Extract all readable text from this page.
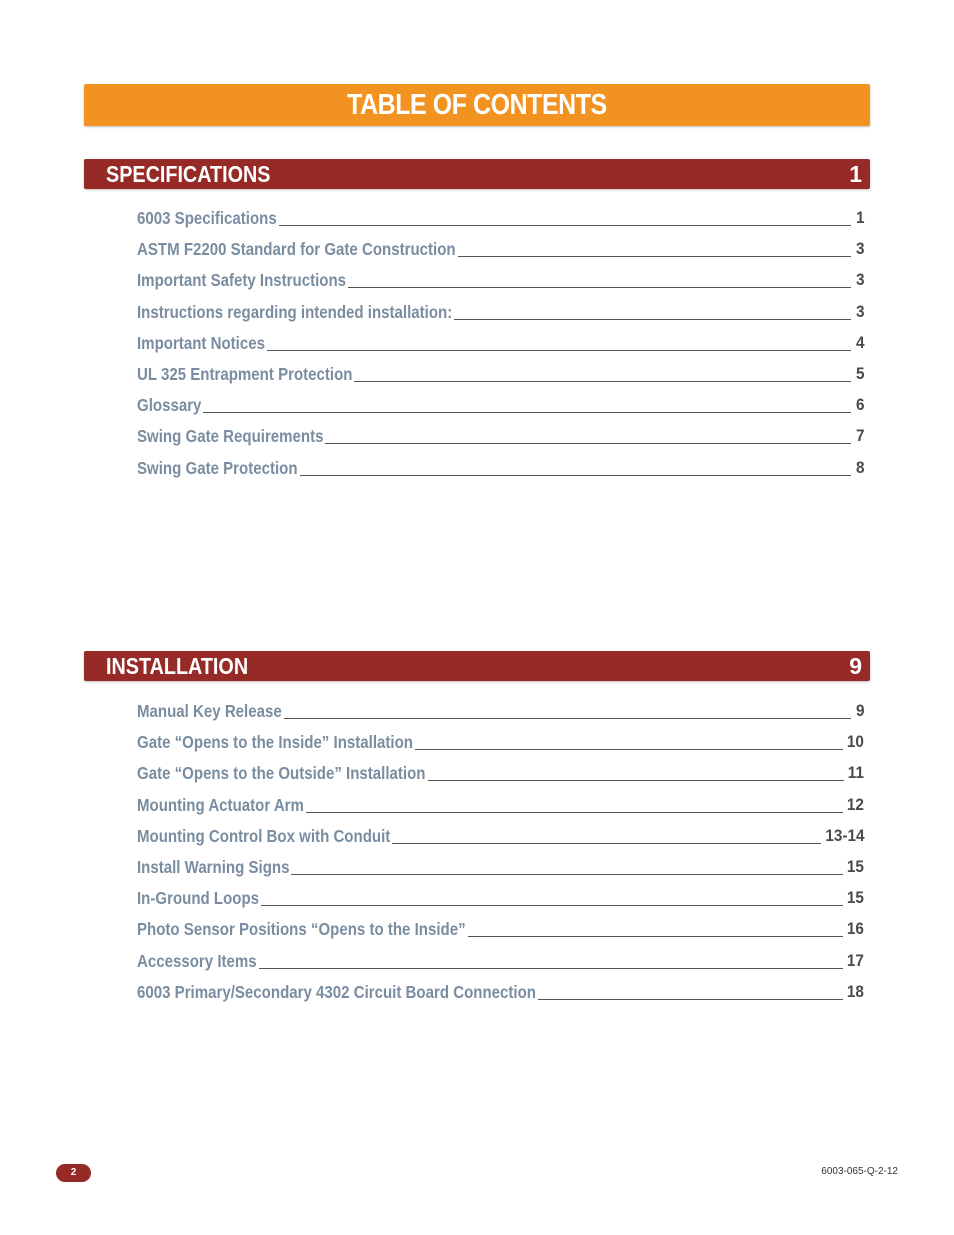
TABLE OF CONTENTS
SPECIFICATIONS	1
6003 Specifications	1
ASTM F2200 Standard for Gate Construction	3
Important Safety Instructions	3
Instructions regarding intended installation:	3
Important Notices	4
UL 325 Entrapment Protection	5
Glossary	6
Swing Gate Requirements	7
Swing Gate Protection	8
INSTALLATION	9
Manual Key Release	9
Gate “Opens to the Inside” Installation	10
Gate “Opens to the Outside” Installation	11
Mounting Actuator Arm	12
Mounting Control Box with Conduit	13-14
Install Warning Signs	15
In-Ground Loops	15
Photo Sensor Positions “Opens to the Inside”	16
Accessory Items	17
6003 Primary/Secondary 4302 Circuit Board Connection	18
2	6003-065-Q-2-12
